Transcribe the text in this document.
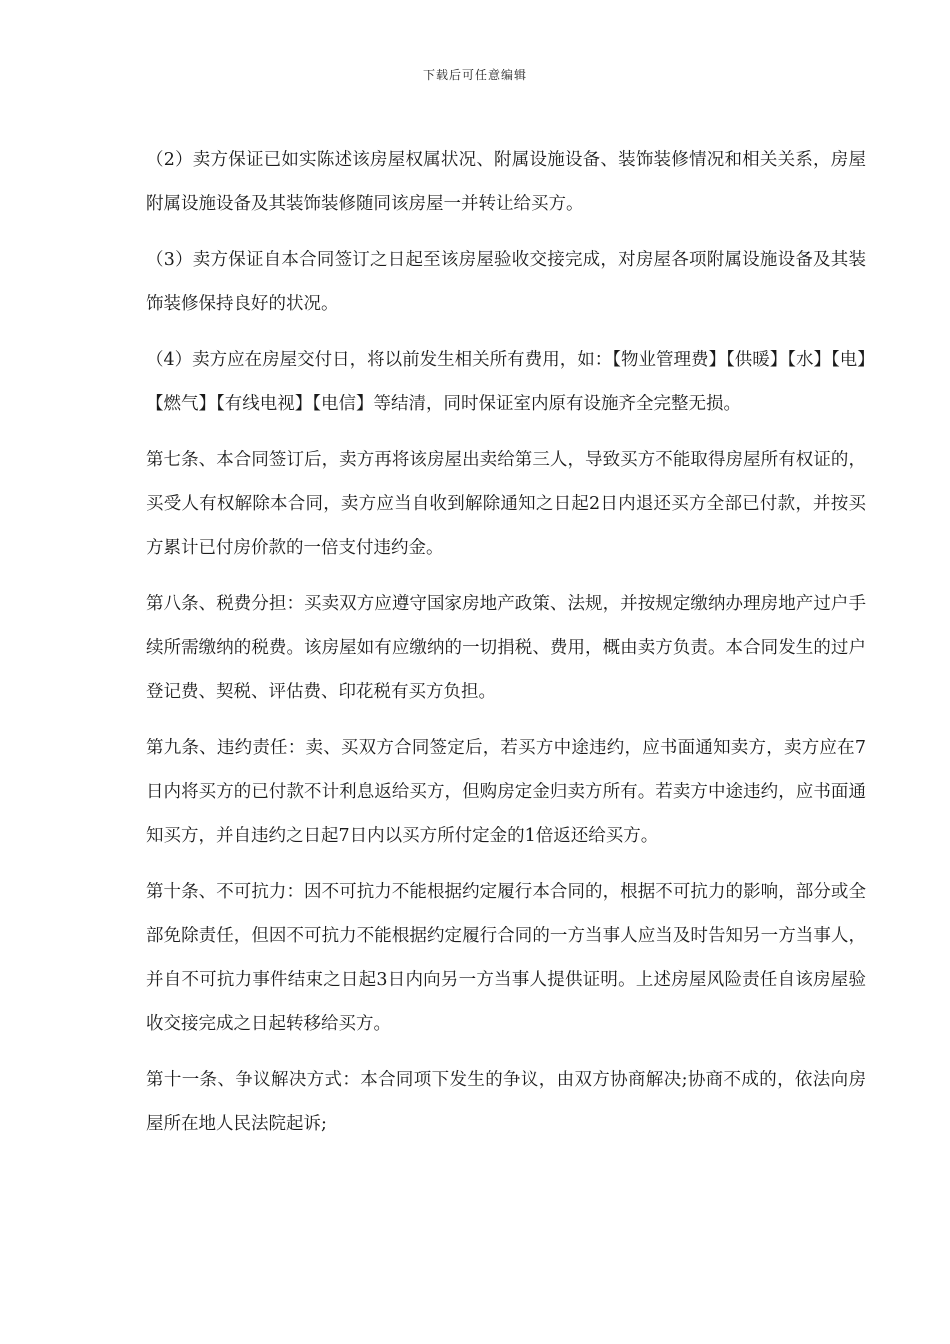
下载后可任意编辑

（2）卖方保证已如实陈述该房屋权属状况、附属设施设备、装饰装修情况和相关关系，房屋附属设施设备及其装饰装修随同该房屋一并转让给买方。

（3）卖方保证自本合同签订之日起至该房屋验收交接完成，对房屋各项附属设施设备及其装饰装修保持良好的状况。

（4）卖方应在房屋交付日，将以前发生相关所有费用，如：【物业管理费】【供暖】【水】【电】【燃气】【有线电视】【电信】等结清，同时保证室内原有设施齐全完整无损。

第七条、本合同签订后，卖方再将该房屋出卖给第三人，导致买方不能取得房屋所有权证的，买受人有权解除本合同，卖方应当自收到解除通知之日起2日内退还买方全部已付款，并按买方累计已付房价款的一倍支付违约金。

第八条、税费分担：买卖双方应遵守国家房地产政策、法规，并按规定缴纳办理房地产过户手续所需缴纳的税费。该房屋如有应缴纳的一切捐税、费用，概由卖方负责。本合同发生的过户登记费、契税、评估费、印花税有买方负担。

第九条、违约责任：卖、买双方合同签定后，若买方中途违约，应书面通知卖方，卖方应在7日内将买方的已付款不计利息返给买方，但购房定金归卖方所有。若卖方中途违约，应书面通知买方，并自违约之日起7日内以买方所付定金的1倍返还给买方。

第十条、不可抗力：因不可抗力不能根据约定履行本合同的，根据不可抗力的影响，部分或全部免除责任，但因不可抗力不能根据约定履行合同的一方当事人应当及时告知另一方当事人，并自不可抗力事件结束之日起3日内向另一方当事人提供证明。上述房屋风险责任自该房屋验收交接完成之日起转移给买方。

第十一条、争议解决方式：本合同项下发生的争议，由双方协商解决;协商不成的，依法向房屋所在地人民法院起诉;
